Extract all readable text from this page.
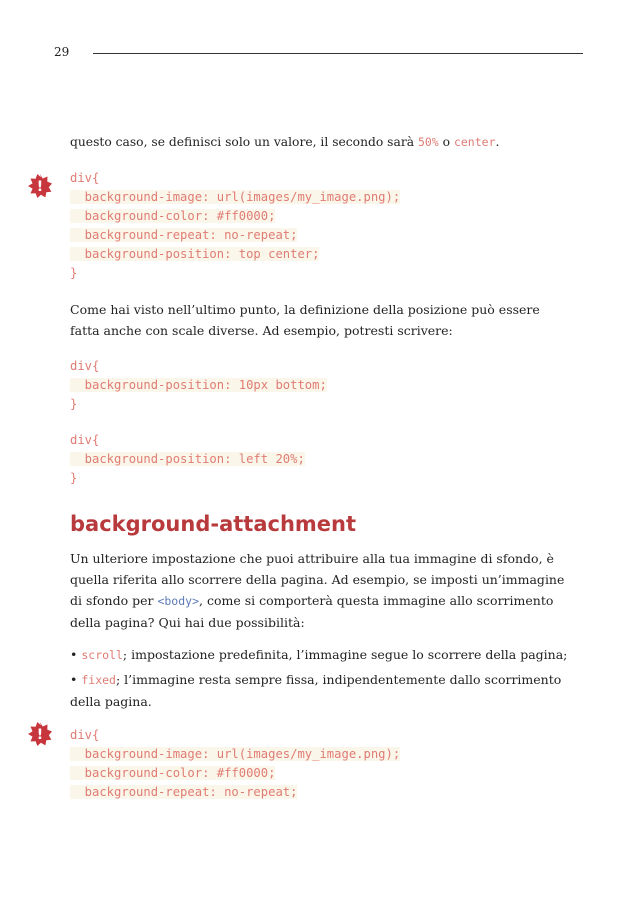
29
!
!

questo caso, se definisci solo un valore, il secondo sarà 50% o center.

div{
background-image: url(images/my_image.png);
background-color: #ff0000;
background-repeat: no-repeat;
background-position: top center;
}

Come hai visto nell’ultimo punto, la definizione della posizione può essere fatta anche con scale diverse. Ad esempio, potresti scrivere:

div{
background-position: 10px bottom;
}
div{
background-position: left 20%;
}
background-attachment

Un ulteriore impostazione che puoi attribuire alla tua immagine di sfondo, è quella riferita allo scorrere della pagina. Ad esempio, se imposti un’immagine di sfondo per <body>, come si comporterà questa immagine allo scorrimento della pagina? Qui hai due possibilità:

• scroll; impostazione predefinita, l’immagine segue lo scorrere della pagina;

• fixed; l’immagine resta sempre fissa, indipendentemente dallo scorrimento della pagina.

div{
background-image: url(images/my_image.png);
background-color: #ff0000;
background-repeat: no-repeat;
